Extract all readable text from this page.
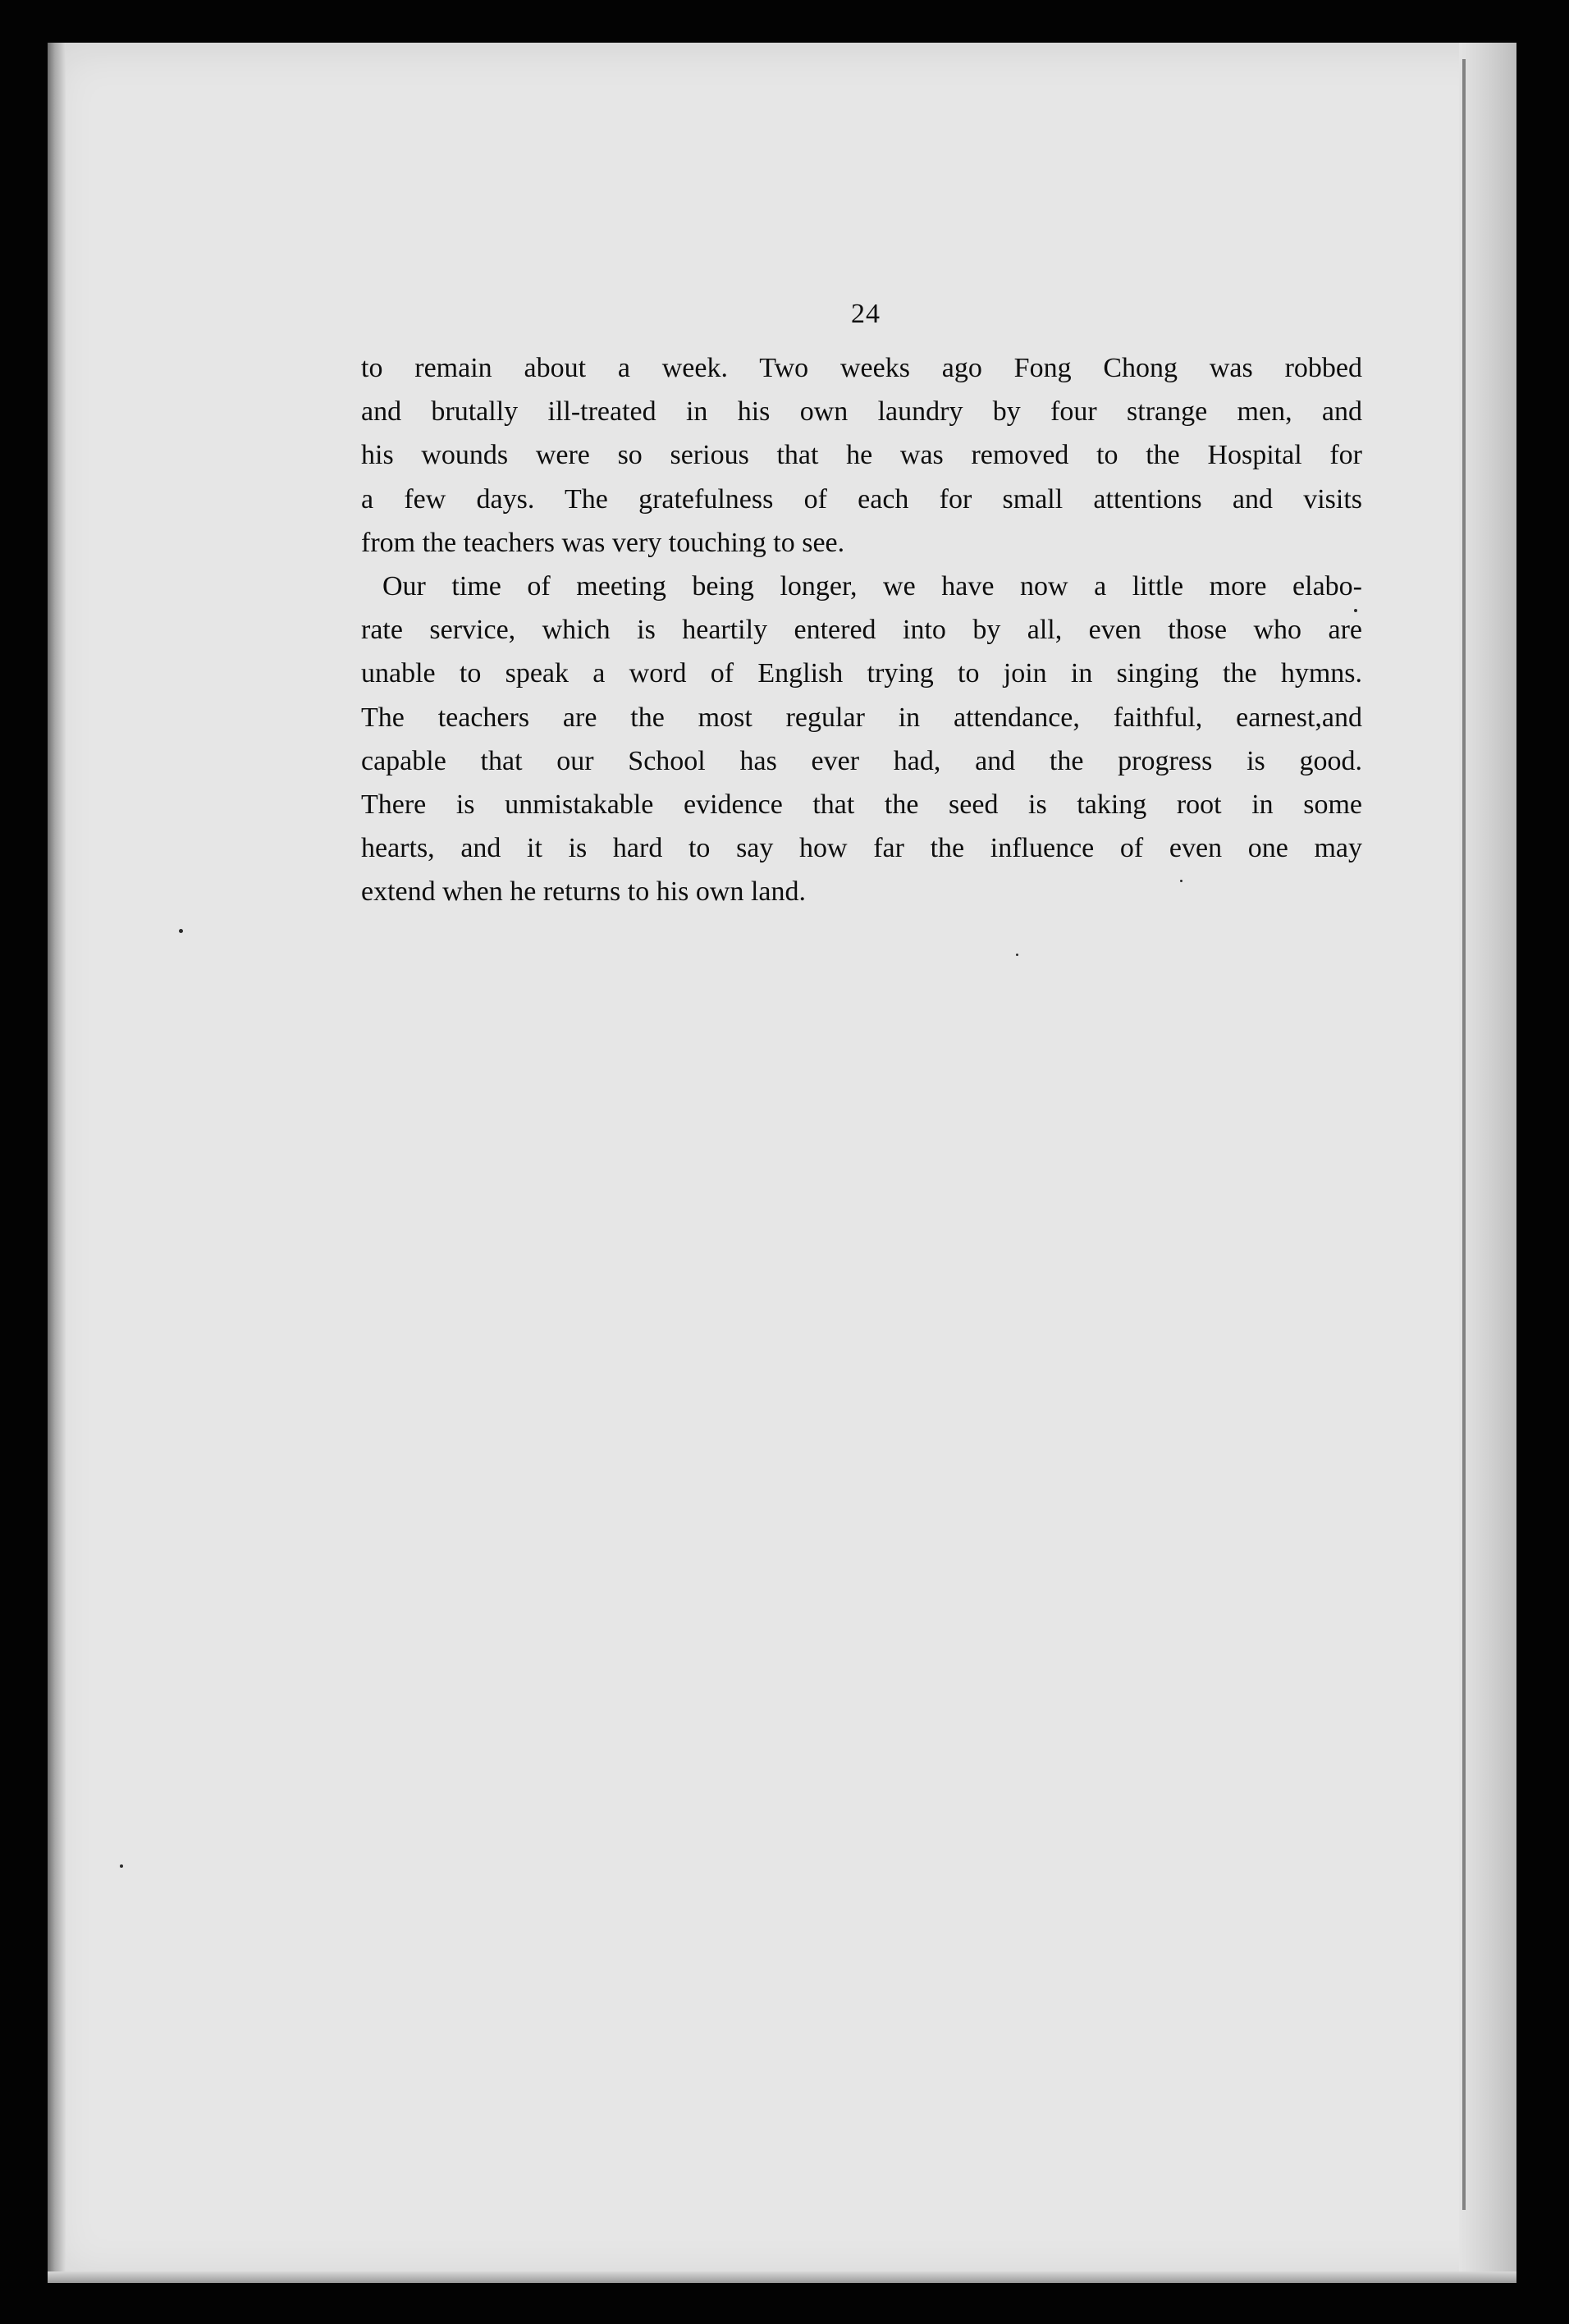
24
to remain about a week. Two weeks ago Fong Chong was robbed
and brutally ill-treated in his own laundry by four strange men, and
his wounds were so serious that he was removed to the Hospital for
a few days. The gratefulness of each for small attentions and visits
from the teachers was very touching to see.
Our time of meeting being longer, we have now a little more elabo-
rate service, which is heartily entered into by all, even those who are
unable to speak a word of English trying to join in singing the hymns.
The teachers are the most regular in attendance, faithful, earnest,and
capable that our School has ever had, and the progress is good.
There is unmistakable evidence that the seed is taking root in some
hearts, and it is hard to say how far the influence of even one may
extend when he returns to his own land.
